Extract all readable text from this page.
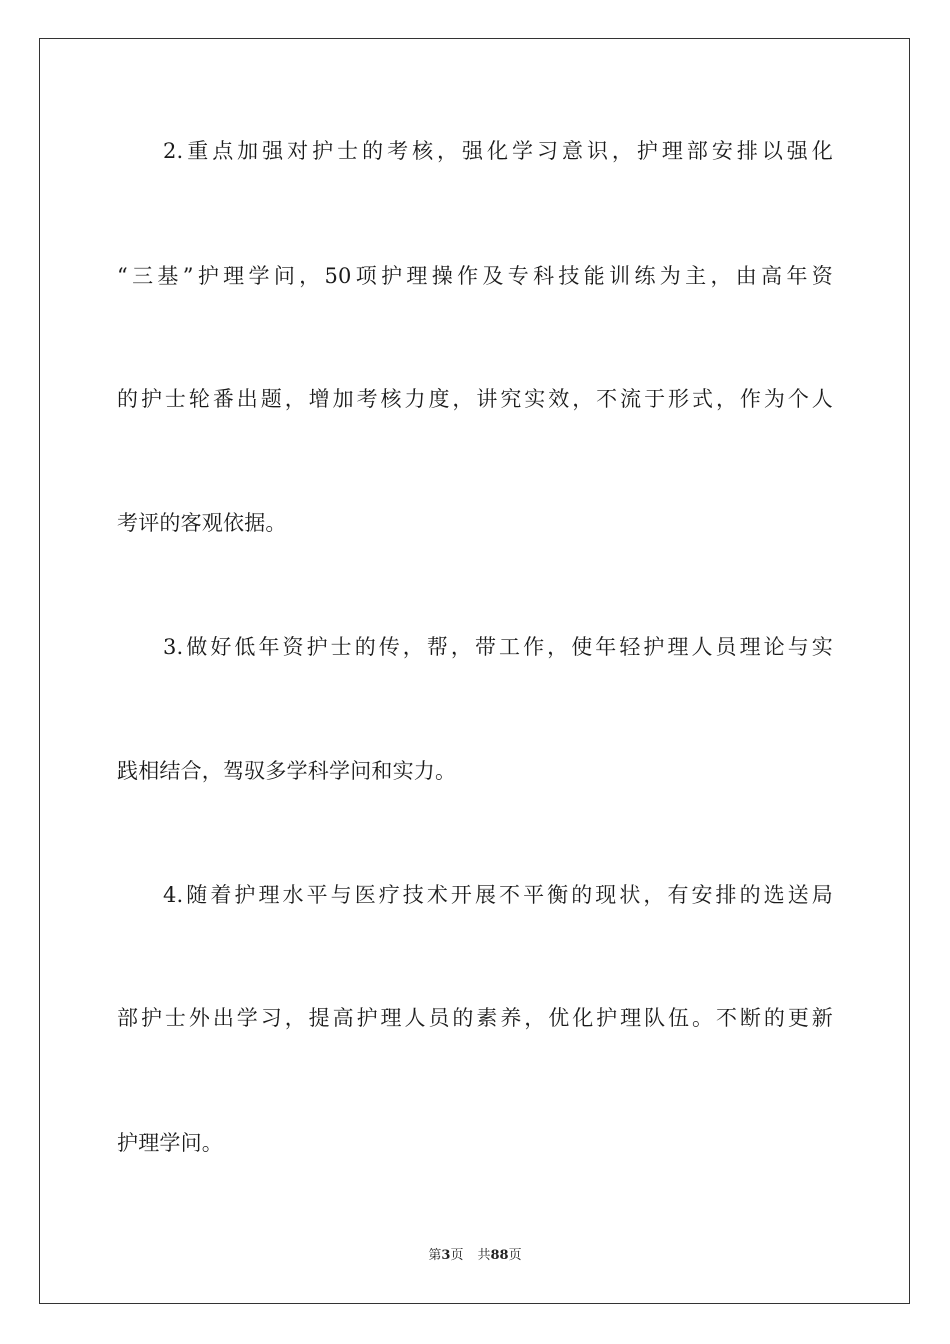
2.重点加强对护士的考核，强化学习意识，护理部安排以强化
“三基”护理学问，50项护理操作及专科技能训练为主，由高年资
的护士轮番出题，增加考核力度，讲究实效，不流于形式，作为个人
考评的客观依据。
3.做好低年资护士的传，帮，带工作，使年轻护理人员理论与实
践相结合，驾驭多学科学问和实力。
4.随着护理水平与医疗技术开展不平衡的现状，有安排的选送局
部护士外出学习，提高护理人员的素养，优化护理队伍。不断的更新
护理学问。
第3页 共88页
